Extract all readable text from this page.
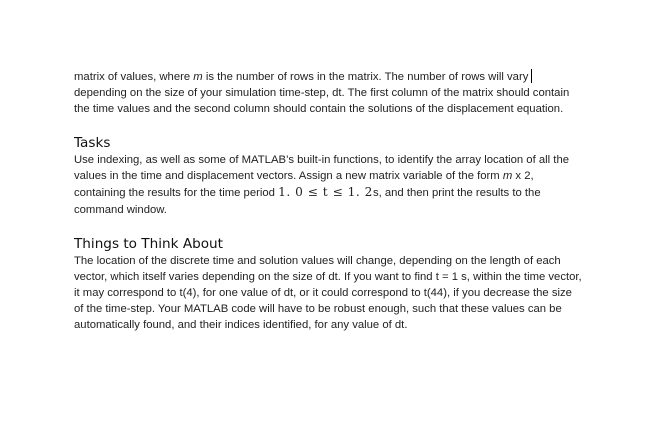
matrix of values, where m is the number of rows in the matrix. The number of rows will vary depending on the size of your simulation time-step, dt. The first column of the matrix should contain the time values and the second column should contain the solutions of the displacement equation.

Tasks

Use indexing, as well as some of MATLAB’s built-in functions, to identify the array location of all the values in the time and displacement vectors. Assign a new matrix variable of the form m x 2, containing the results for the time period 1. 0 ≤ t ≤ 1. 2s, and then print the results to the command window.

Things to Think About

The location of the discrete time and solution values will change, depending on the length of each vector, which itself varies depending on the size of dt. If you want to find t = 1 s, within the time vector, it may correspond to t(4), for one value of dt, or it could correspond to t(44), if you decrease the size of the time-step. Your MATLAB code will have to be robust enough, such that these values can be automatically found, and their indices identified, for any value of dt.
